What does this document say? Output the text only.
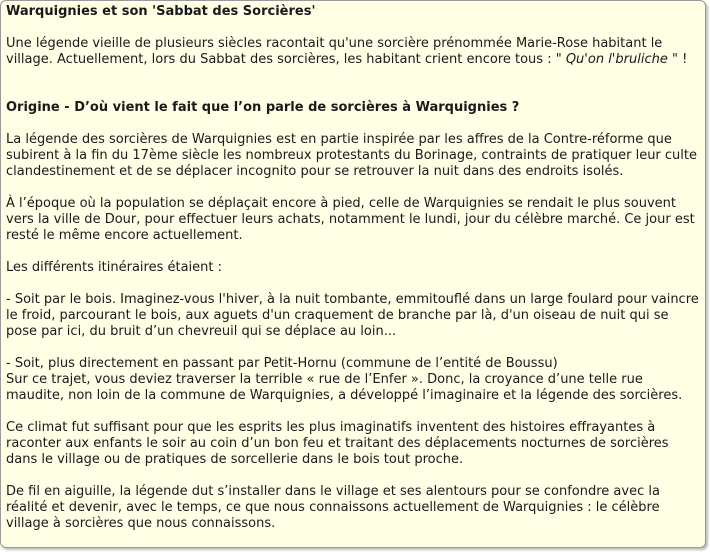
Warquignies et son 'Sabbat des Sorcières'
Une légende vieille de plusieurs siècles racontait qu'une sorcière prénommée Marie-Rose habitant le village. Actuellement, lors du Sabbat des sorcières, les habitant crient encore tous : " Qu'on l'bruliche " !
Origine - D’où vient le fait que l’on parle de sorcières à Warquignies ?
La légende des sorcières de Warquignies est en partie inspirée par les affres de la Contre-réforme que subirent à la fin du 17ème siècle les nombreux protestants du Borinage, contraints de pratiquer leur culte clandestinement et de se déplacer incognito pour se retrouver la nuit dans des endroits isolés.
À l’époque où la population se déplaçait encore à pied, celle de Warquignies se rendait le plus souvent vers la ville de Dour, pour effectuer leurs achats, notamment le lundi, jour du célèbre marché. Ce jour est resté le même encore actuellement.
Les différents itinéraires étaient :
- Soit par le bois. Imaginez-vous l'hiver, à la nuit tombante, emmitouflé dans un large foulard pour vaincre le froid, parcourant le bois, aux aguets d'un craquement de branche par là, d'un oiseau de nuit qui se pose par ici, du bruit d’un chevreuil qui se déplace au loin...
- Soit, plus directement en passant par Petit-Hornu (commune de l’entité de Boussu)
Sur ce trajet, vous deviez traverser la terrible « rue de l’Enfer ». Donc, la croyance d’une telle rue maudite, non loin de la commune de Warquignies, a développé l’imaginaire et la légende des sorcières.
Ce climat fut suffisant pour que les esprits les plus imaginatifs inventent des histoires effrayantes à raconter aux enfants le soir au coin d’un bon feu et traitant des déplacements nocturnes de sorcières dans le village ou de pratiques de sorcellerie dans le bois tout proche.
De fil en aiguille, la légende dut s’installer dans le village et ses alentours pour se confondre avec la réalité et devenir, avec le temps, ce que nous connaissons actuellement de Warquignies : le célèbre village à sorcières que nous connaissons.
